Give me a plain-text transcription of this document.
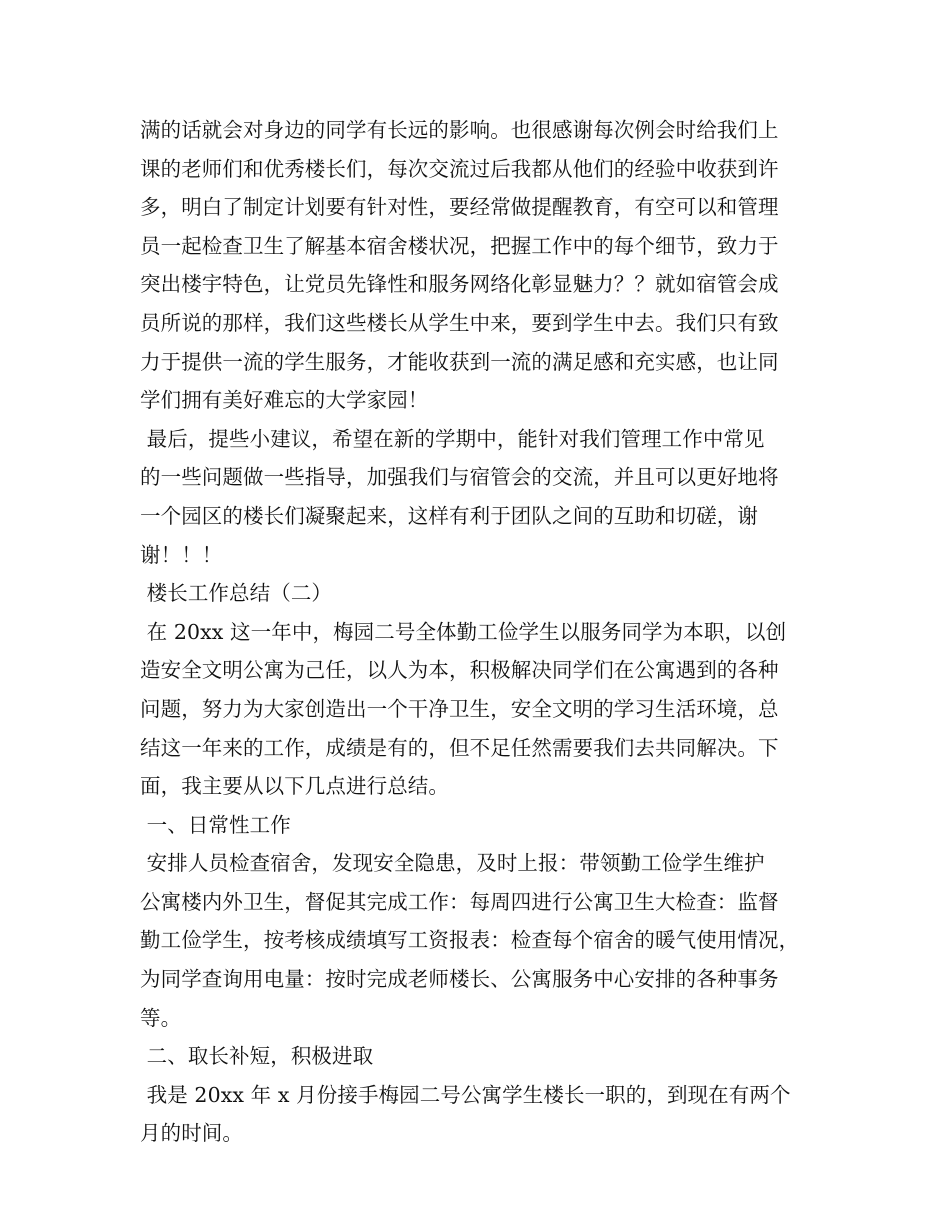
满的话就会对身边的同学有长远的影响。也很感谢每次例会时给我们上
课的老师们和优秀楼长们，每次交流过后我都从他们的经验中收获到许
多，明白了制定计划要有针对性，要经常做提醒教育，有空可以和管理
员一起检查卫生了解基本宿舍楼状况，把握工作中的每个细节，致力于
突出楼宇特色，让党员先锋性和服务网络化彰显魅力？？就如宿管会成
员所说的那样，我们这些楼长从学生中来，要到学生中去。我们只有致
力于提供一流的学生服务，才能收获到一流的满足感和充实感，也让同
学们拥有美好难忘的大学家园！
最后，提些小建议，希望在新的学期中，能针对我们管理工作中常见
的一些问题做一些指导，加强我们与宿管会的交流，并且可以更好地将
一个园区的楼长们凝聚起来，这样有利于团队之间的互助和切磋，谢
谢！！！
楼长工作总结（二）
在 20xx 这一年中，梅园二号全体勤工俭学生以服务同学为本职，以创
造安全文明公寓为己任，以人为本，积极解决同学们在公寓遇到的各种
问题，努力为大家创造出一个干净卫生，安全文明的学习生活环境，总
结这一年来的工作，成绩是有的，但不足任然需要我们去共同解决。下
面，我主要从以下几点进行总结。
一、日常性工作
安排人员检查宿舍，发现安全隐患，及时上报：带领勤工俭学生维护
公寓楼内外卫生，督促其完成工作：每周四进行公寓卫生大检查：监督
勤工俭学生，按考核成绩填写工资报表：检查每个宿舍的暖气使用情况，
为同学查询用电量：按时完成老师楼长、公寓服务中心安排的各种事务
等。
二、取长补短，积极进取
我是 20xx 年 x 月份接手梅园二号公寓学生楼长一职的，到现在有两个
月的时间。
